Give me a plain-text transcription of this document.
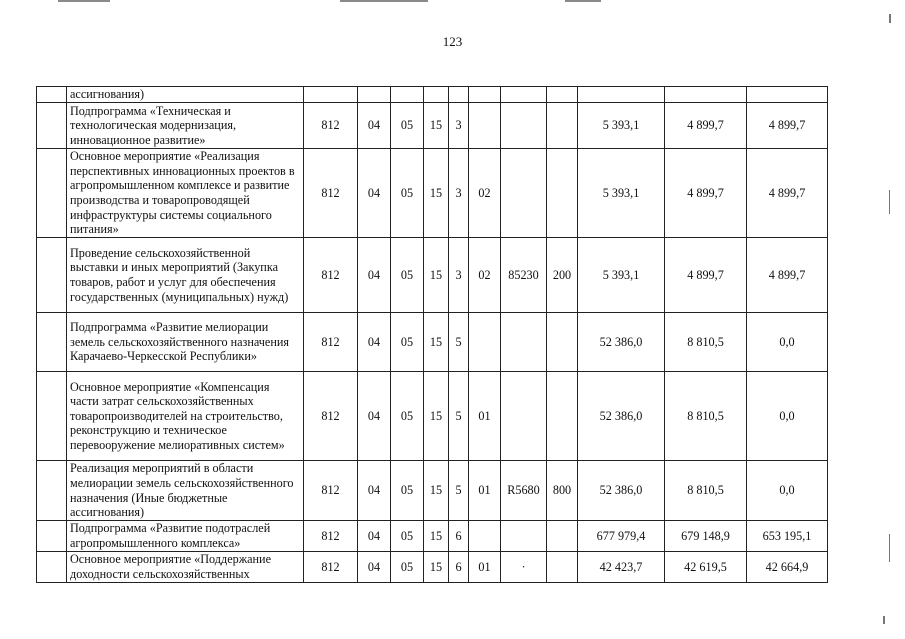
123
	ассигнования)											
	Подпрограмма «Техническая и технологическая модернизация, инновационное развитие»	812	04	05	15	3				5 393,1	4 899,7	4 899,7
	Основное мероприятие «Реализация перспективных инновационных проектов в агропромышленном комплексе и развитие производства и товаропроводящей инфраструктуры системы социального питания»	812	04	05	15	3	02			5 393,1	4 899,7	4 899,7
	Проведение сельскохозяйственной выставки и иных мероприятий (Закупка товаров, работ и услуг для обеспечения государственных (муниципальных) нужд)	812	04	05	15	3	02	85230	200	5 393,1	4 899,7	4 899,7
	Подпрограмма «Развитие мелиорации земель сельскохозяйственного назначения Карачаево-Черкесской Республики»	812	04	05	15	5				52 386,0	8 810,5	0,0
	Основное мероприятие «Компенсация части затрат сельскохозяйственных товаропроизводителей на строительство, реконструкцию и техническое перевооружение мелиоративных систем»	812	04	05	15	5	01			52 386,0	8 810,5	0,0
	Реализация мероприятий в области мелиорации земель сельскохозяйственного назначения (Иные бюджетные ассигнования)	812	04	05	15	5	01	R5680	800	52 386,0	8 810,5	0,0
	Подпрограмма «Развитие подотраслей агропромышленного комплекса»	812	04	05	15	6				677 979,4	679 148,9	653 195,1
	Основное мероприятие «Поддержание доходности сельскохозяйственных	812	04	05	15	6	01	·		42 423,7	42 619,5	42 664,9
